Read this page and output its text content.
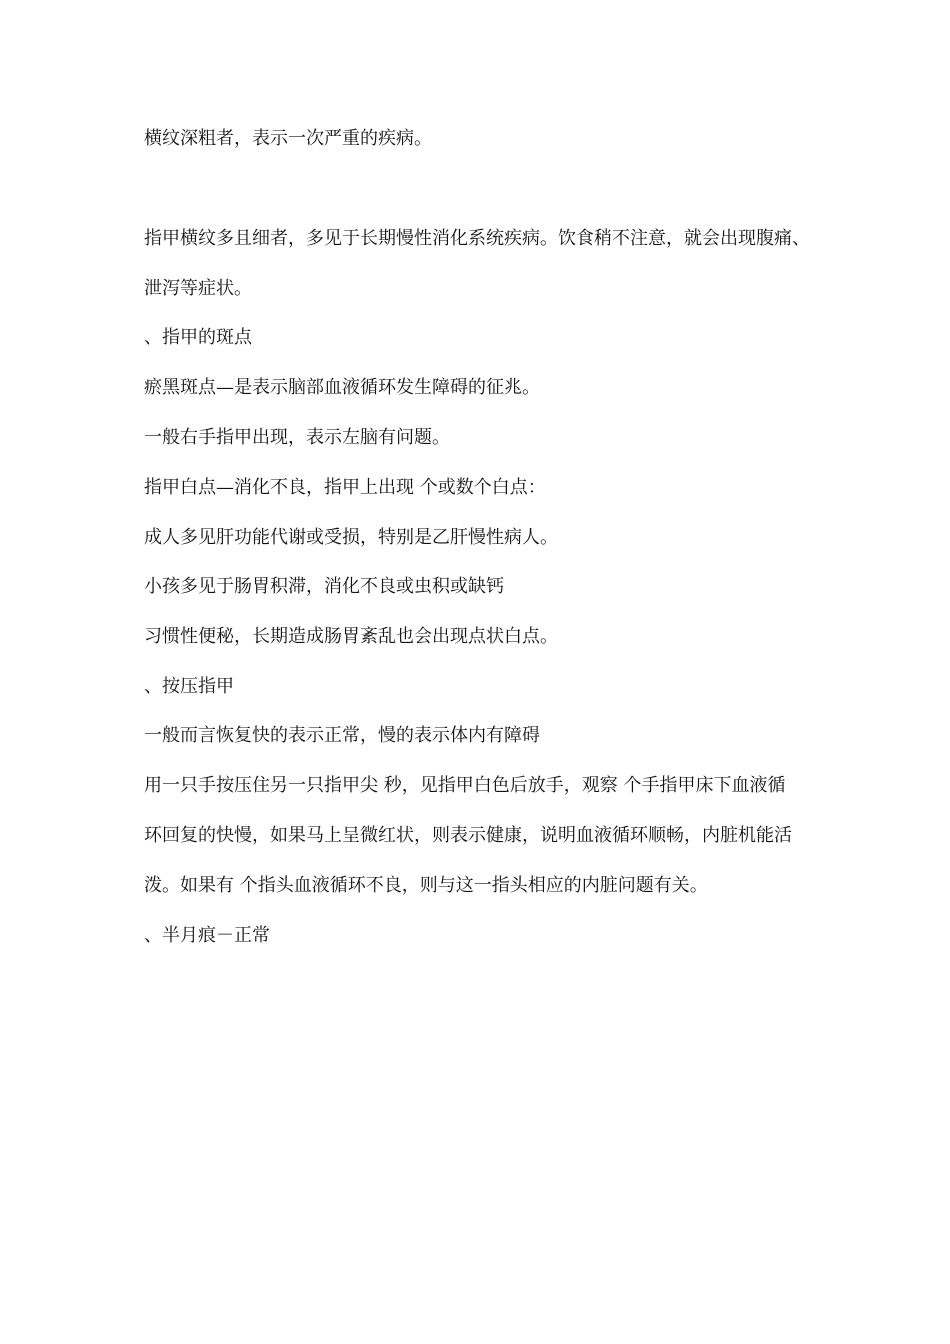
横纹深粗者，表示一次严重的疾病。
指甲横纹多且细者，多见于长期慢性消化系统疾病。饮食稍不注意，就会出现腹痛、
泄泻等症状。
、指甲的斑点
瘀黑斑点—是表示脑部血液循环发生障碍的征兆。
一般右手指甲出现，表示左脑有问题。
指甲白点—消化不良，指甲上出现 个或数个白点：
成人多见肝功能代谢或受损，特别是乙肝慢性病人。
小孩多见于肠胃积滞，消化不良或虫积或缺钙
习惯性便秘，长期造成肠胃紊乱也会出现点状白点。
、按压指甲
一般而言恢复快的表示正常，慢的表示体内有障碍
用一只手按压住另一只指甲尖 秒，见指甲白色后放手，观察 个手指甲床下血液循
环回复的快慢，如果马上呈微红状，则表示健康，说明血液循环顺畅，内脏机能活
泼。如果有 个指头血液循环不良，则与这一指头相应的内脏问题有关。
、半月痕－正常
